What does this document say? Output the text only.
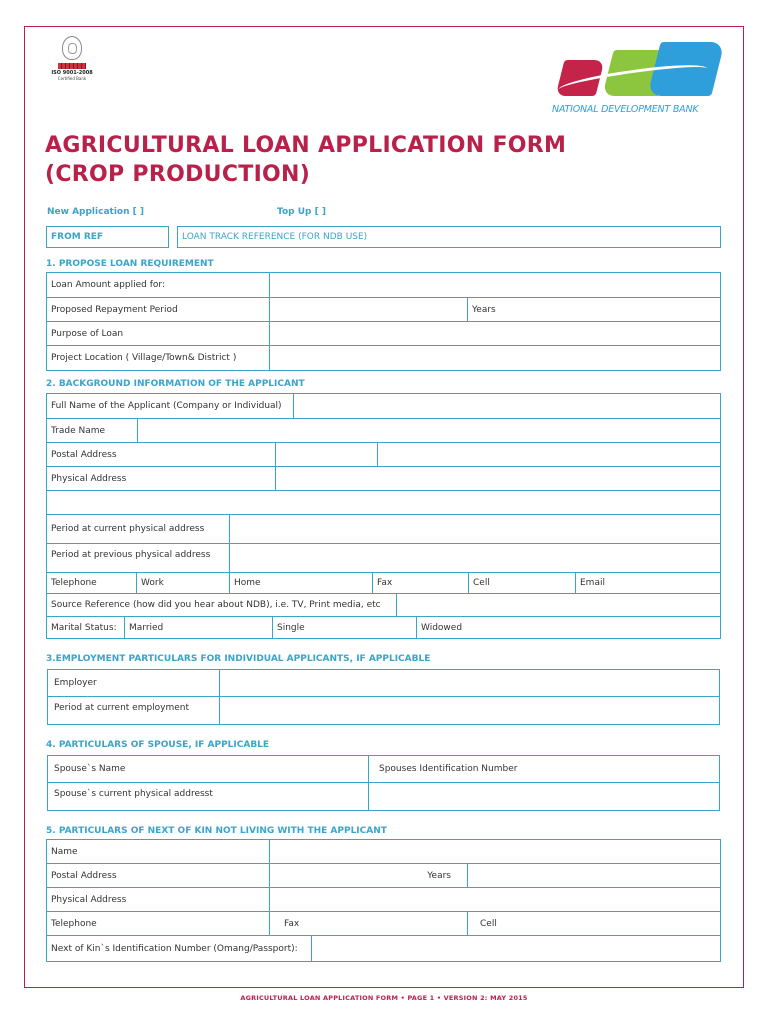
ISO 9001-2008
Certified Bank
NATIONAL DEVELOPMENT BANK
AGRICULTURAL LOAN APPLICATION FORM
(CROP PRODUCTION)
New Application [ ]	Top Up [ ]
FROM REF	LOAN TRACK REFERENCE (FOR NDB USE)
1. PROPOSE LOAN REQUIREMENT
Loan Amount applied for:
Proposed Repayment Period	Years
Purpose of Loan
Project Location ( Village/Town& District )
2. BACKGROUND INFORMATION OF THE APPLICANT
Full Name of the Applicant (Company or Individual)
Trade Name
Postal Address
Physical Address
Period at current physical address
Period at previous physical address
Telephone	Work	Home	Fax	Cell	Email
Source Reference (how did you hear about NDB), i.e. TV, Print media, etc
Marital Status:	Married	Single	Widowed
3.EMPLOYMENT PARTICULARS FOR INDIVIDUAL APPLICANTS, IF APPLICABLE
Employer
Period at current employment
4. PARTICULARS OF SPOUSE, IF APPLICABLE
Spouse`s Name	Spouses Identification Number
Spouse`s current physical addresst
5. PARTICULARS OF NEXT OF KIN NOT LIVING WITH THE APPLICANT
Name
Postal Address	Years
Physical Address
Telephone	Fax	Cell
Next of Kin`s Identification Number (Omang/Passport):
AGRICULTURAL LOAN APPLICATION FORM • PAGE 1 • VERSION 2: MAY 2015
